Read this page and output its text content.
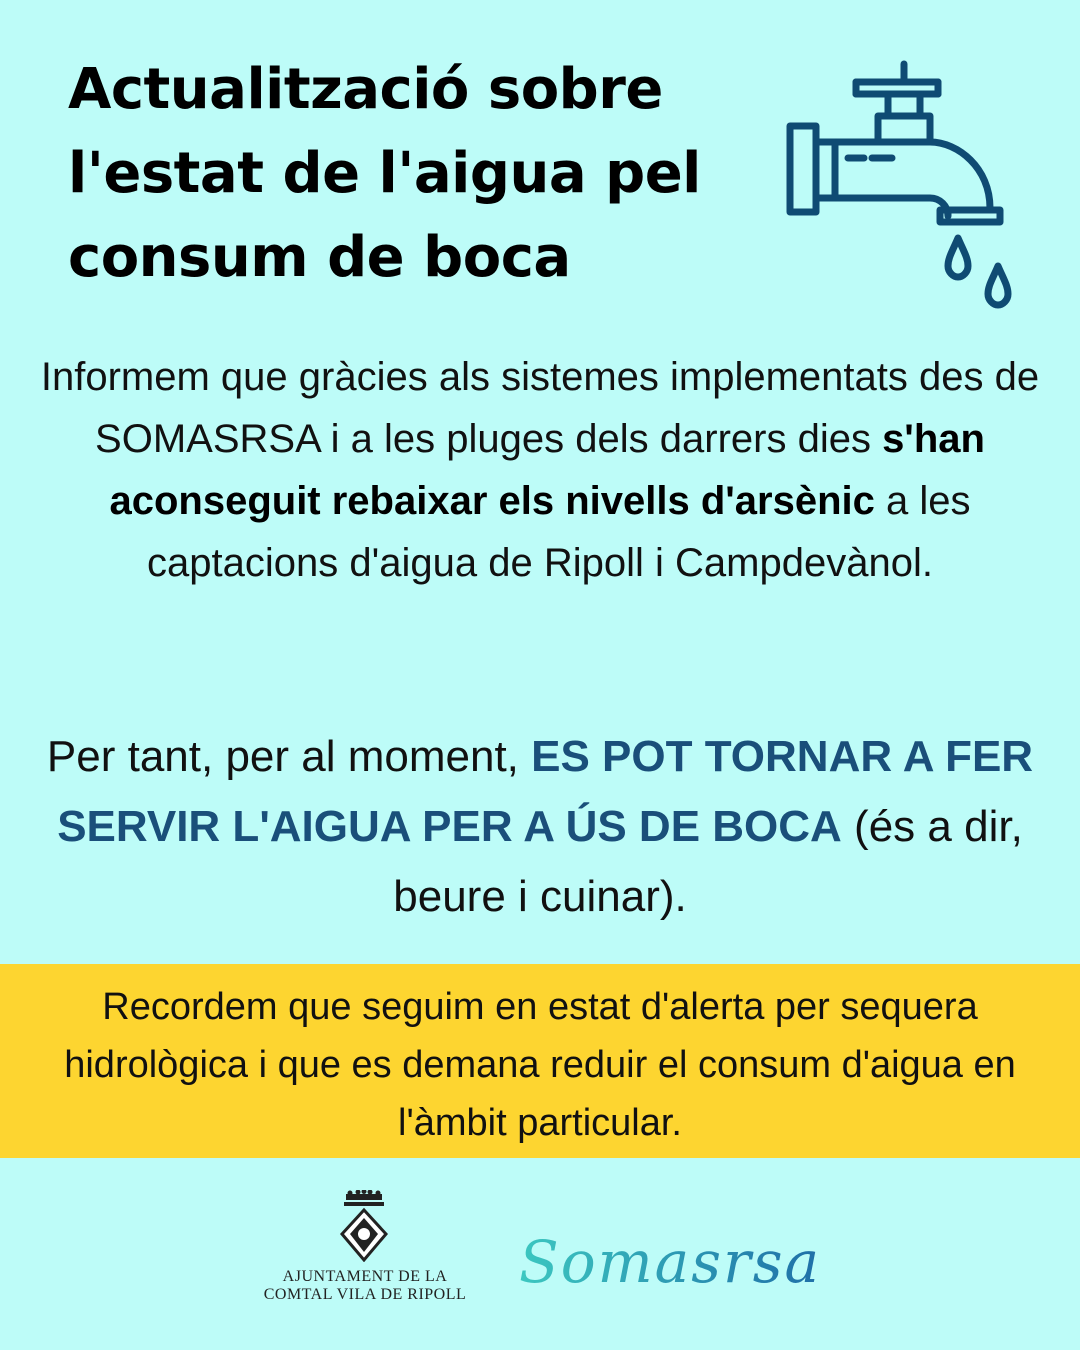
Actualització sobre l'estat de l'aigua pel consum de boca

Informem que gràcies als sistemes implementats des de SOMASRSA i a les pluges dels darrers dies s'han aconseguit rebaixar els nivells d'arsènic a les captacions d'aigua de Ripoll i Campdevànol.

Per tant, per al moment, ES POT TORNAR A FER SERVIR L'AIGUA PER A ÚS DE BOCA (és a dir, beure i cuinar).

Recordem que seguim en estat d'alerta per sequera hidrològica i que es demana reduir el consum d'aigua en l'àmbit particular.

AJUNTAMENT DE LA
COMTAL VILA DE RIPOLL Somasrsa
